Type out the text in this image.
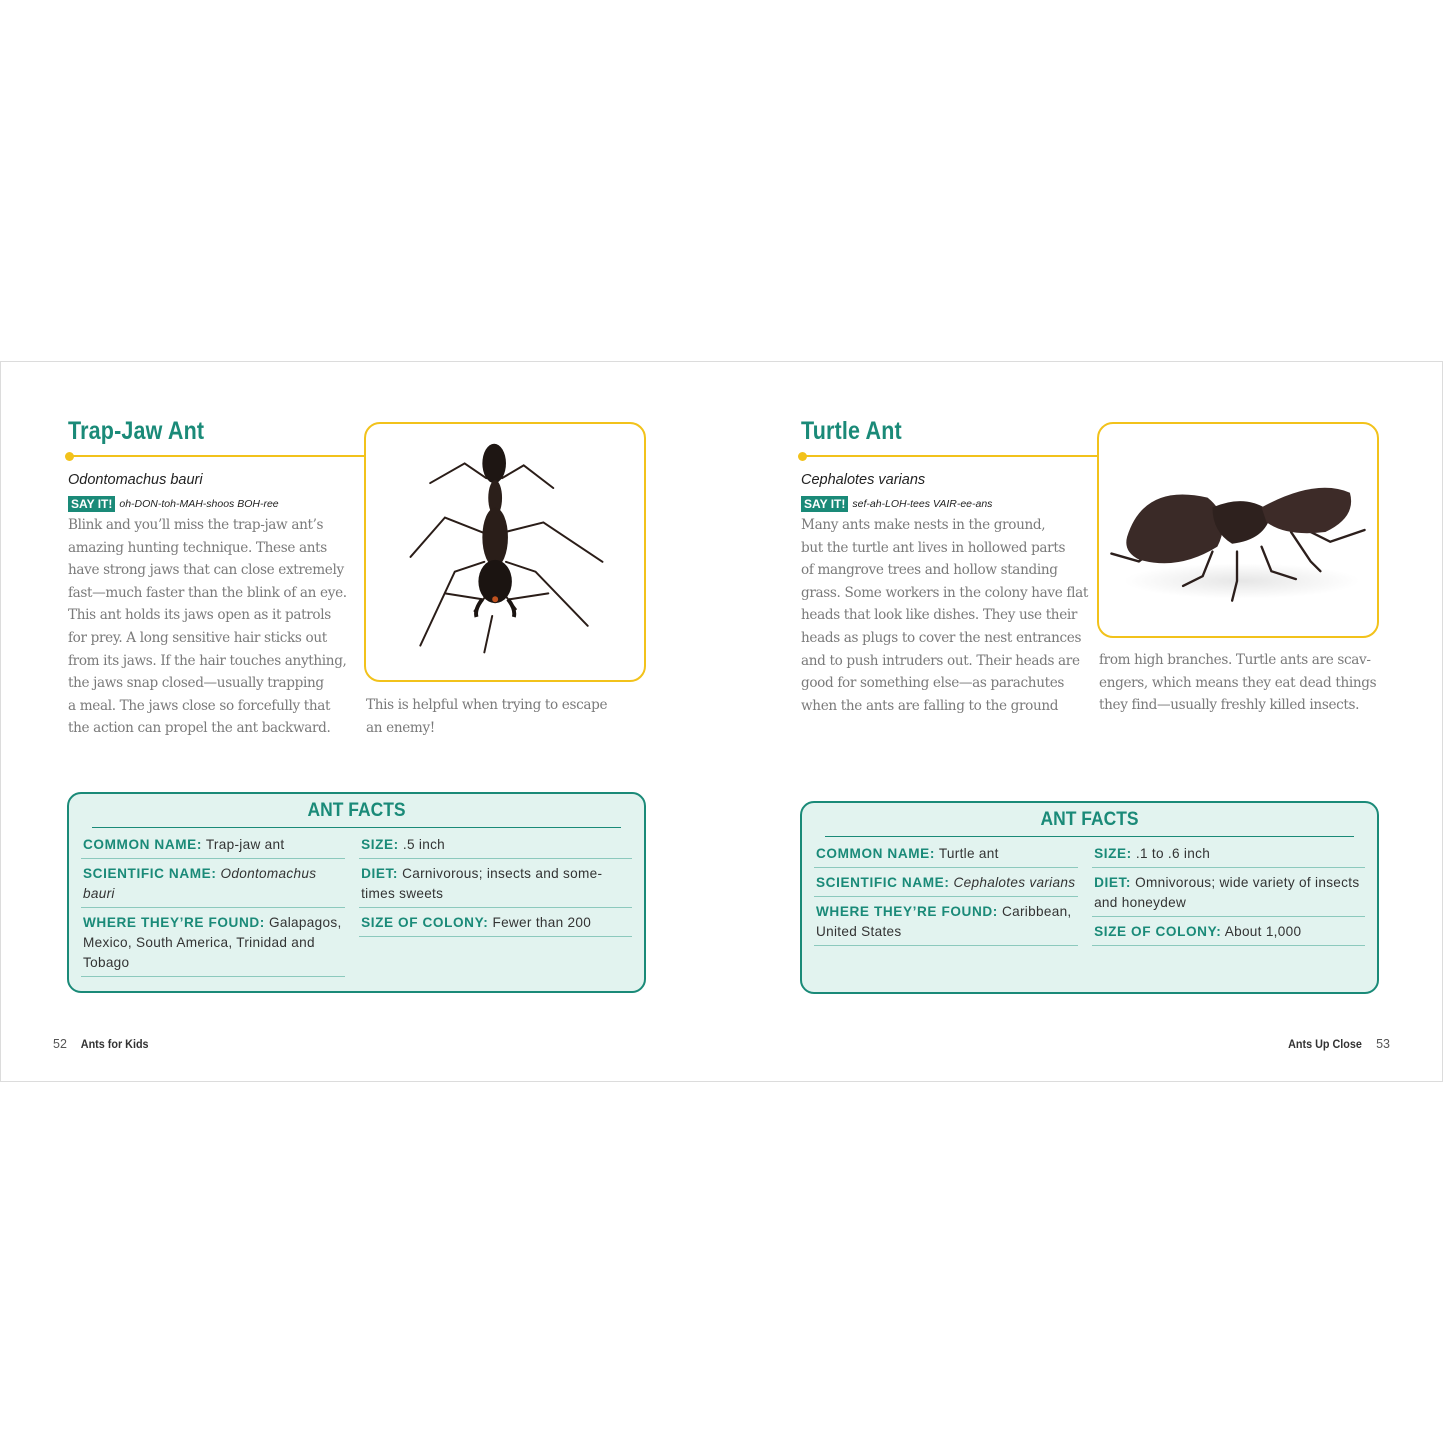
Trap-Jaw Ant
Odontomachus bauri
SAY IT! oh-DON-toh-MAH-shoos BOH-ree
Blink and you’ll miss the trap-jaw ant’s
amazing hunting technique. These ants
have strong jaws that can close extremely
fast—much faster than the blink of an eye.
This ant holds its jaws open as it patrols
for prey. A long sensitive hair sticks out
from its jaws. If the hair touches anything,
the jaws snap closed—usually trapping
a meal. The jaws close so forcefully that
the action can propel the ant backward.
This is helpful when trying to escape
an enemy!
ANT FACTS
COMMON NAME: Trap-jaw ant
SCIENTIFIC NAME: Odontomachus bauri
WHERE THEY’RE FOUND: Galapagos, Mexico, South America, Trinidad and Tobago
SIZE: .5 inch
DIET: Carnivorous; insects and some-times sweets
SIZE OF COLONY: Fewer than 200
52 Ants for Kids
Turtle Ant
Cephalotes varians
SAY IT! sef-ah-LOH-tees VAIR-ee-ans
Many ants make nests in the ground,
but the turtle ant lives in hollowed parts
of mangrove trees and hollow standing
grass. Some workers in the colony have flat
heads that look like dishes. They use their
heads as plugs to cover the nest entrances
and to push intruders out. Their heads are
good for something else—as parachutes
when the ants are falling to the ground
from high branches. Turtle ants are scav-
engers, which means they eat dead things
they find—usually freshly killed insects.
ANT FACTS
COMMON NAME: Turtle ant
SCIENTIFIC NAME: Cephalotes varians
WHERE THEY’RE FOUND: Caribbean, United States
SIZE: .1 to .6 inch
DIET: Omnivorous; wide variety of insects and honeydew
SIZE OF COLONY: About 1,000
Ants Up Close 53
